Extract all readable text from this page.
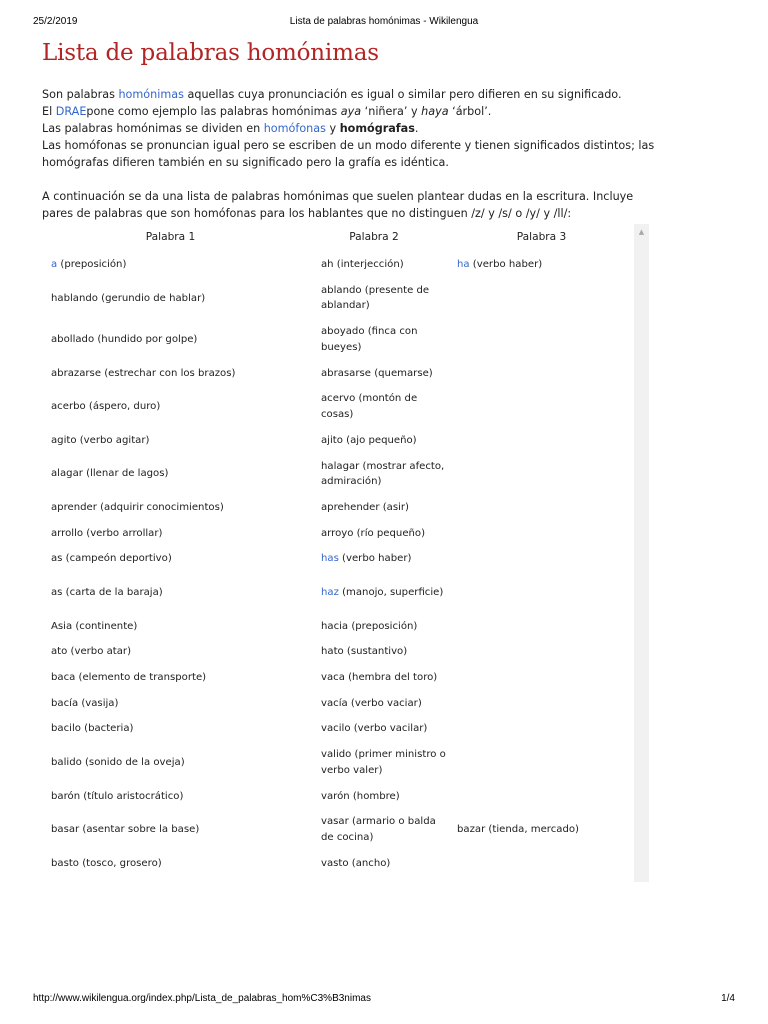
25/2/2019	Lista de palabras homónimas - Wikilengua
Lista de palabras homónimas

Son palabras homónimas aquellas cuya pronunciación es igual o similar pero difieren en su significado.

El DRAEpone como ejemplo las palabras homónimas aya ‘niñera’ y haya ‘árbol’.

Las palabras homónimas se dividen en homófonas y homógrafas.

Las homófonas se pronuncian igual pero se escriben de un modo diferente y tienen significados distintos; las

homógrafas difieren también en su significado pero la grafía es idéntica.

A continuación se da una lista de palabras homónimas que suelen plantear dudas en la escritura. Incluye

pares de palabras que son homófonas para los hablantes que no distinguen /z/ y /s/ o /y/ y /ll/:

Palabra 1	Palabra 2	Palabra 3
a (preposición)	ah (interjección)	ha (verbo haber)
hablando (gerundio de hablar)	ablando (presente de ablandar)	
abollado (hundido por golpe)	aboyado (finca con bueyes)	
abrazarse (estrechar con los brazos)	abrasarse (quemarse)	
acerbo (áspero, duro)	acervo (montón de cosas)	
agito (verbo agitar)	ajito (ajo pequeño)	
alagar (llenar de lagos)	halagar (mostrar afecto, admiración)	
aprender (adquirir conocimientos)	aprehender (asir)	
arrollo (verbo arrollar)	arroyo (río pequeño)	
as (campeón deportivo)	has (verbo haber)	
as (carta de la baraja)	haz (manojo, superficie)	
Asia (continente)	hacia (preposición)	
ato (verbo atar)	hato (sustantivo)	
baca (elemento de transporte)	vaca (hembra del toro)	
bacía (vasija)	vacía (verbo vaciar)	
bacilo (bacteria)	vacilo (verbo vacilar)	
balido (sonido de la oveja)	valido (primer ministro o verbo valer)	
barón (título aristocrático)	varón (hombre)	
basar (asentar sobre la base)	vasar (armario o balda de cocina)	bazar (tienda, mercado)
basto (tosco, grosero)	vasto (ancho)	
▲
http://www.wikilengua.org/index.php/Lista_de_palabras_hom%C3%B3nimas	1/4
